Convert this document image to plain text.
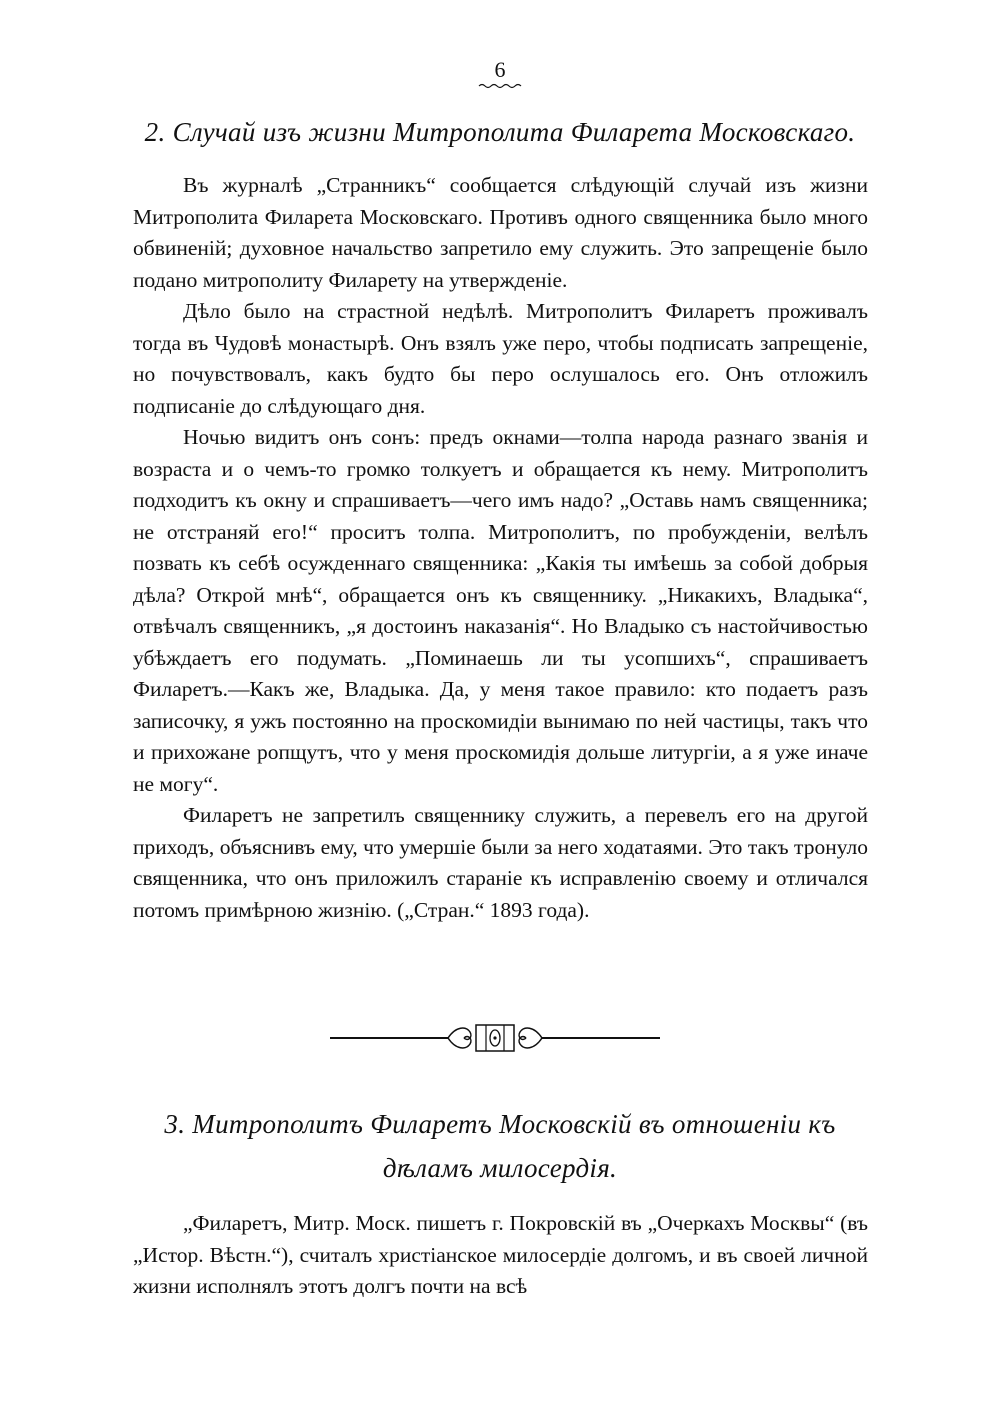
6
2. Случай изъ жизни Митрополита Филарета Московскаго.

Въ журналѣ „Странникъ“ сообщается слѣдующій случай изъ жизни Митрополита Филарета Московскаго. Противъ одного священника было много обвиненій; духовное начальство запретило ему служить. Это запрещеніе было подано митрополиту Филарету на утвержденіе.

Дѣло было на страстной недѣлѣ. Митрополитъ Филаретъ проживалъ тогда въ Чудовѣ монастырѣ. Онъ взялъ уже перо, чтобы подписать запрещеніе, но почувствовалъ, какъ будто бы перо ослушалось его. Онъ отложилъ подписаніе до слѣдующаго дня.

Ночью видитъ онъ сонъ: предъ окнами—толпа народа разнаго званія и возраста и о чемъ-то громко толкуетъ и обращается къ нему. Митрополитъ подходитъ къ окну и спрашиваетъ—чего имъ надо? „Оставь намъ священника; не отстраняй его!“ проситъ толпа. Митрополитъ, по пробужденіи, велѣлъ позвать къ себѣ осужденнаго священника: „Какія ты имѣешь за собой добрыя дѣла? Открой мнѣ“, обращается онъ къ священнику. „Никакихъ, Владыка“, отвѣчалъ священникъ, „я достоинъ наказанія“. Но Владыко съ настойчивостью убѣждаетъ его подумать. „Поминаешь ли ты усопшихъ“, спрашиваетъ Филаретъ.—Какъ же, Владыка. Да, у меня такое правило: кто подаетъ разъ записочку, я ужъ постоянно на проскомидіи вынимаю по ней частицы, такъ что и прихожане ропщутъ, что у меня проскомидія дольше литургіи, а я уже иначе не могу“.

Филаретъ не запретилъ священнику служить, а перевелъ его на другой приходъ, объяснивъ ему, что умершіе были за него ходатаями. Это такъ тронуло священника, что онъ приложилъ стараніе къ исправленію своему и отличался потомъ примѣрною жизнію. („Стран.“ 1893 года).

3. Митрополитъ Филаретъ Московскій въ отношеніи къ дѣламъ милосердія.

„Филаретъ, Митр. Моск. пишетъ г. Покровскій въ „Очеркахъ Москвы“ (въ „Истор. Вѣстн.“), считалъ христіанское милосердіе долгомъ, и въ своей личной жизни исполнялъ этотъ долгъ почти на всѣ
